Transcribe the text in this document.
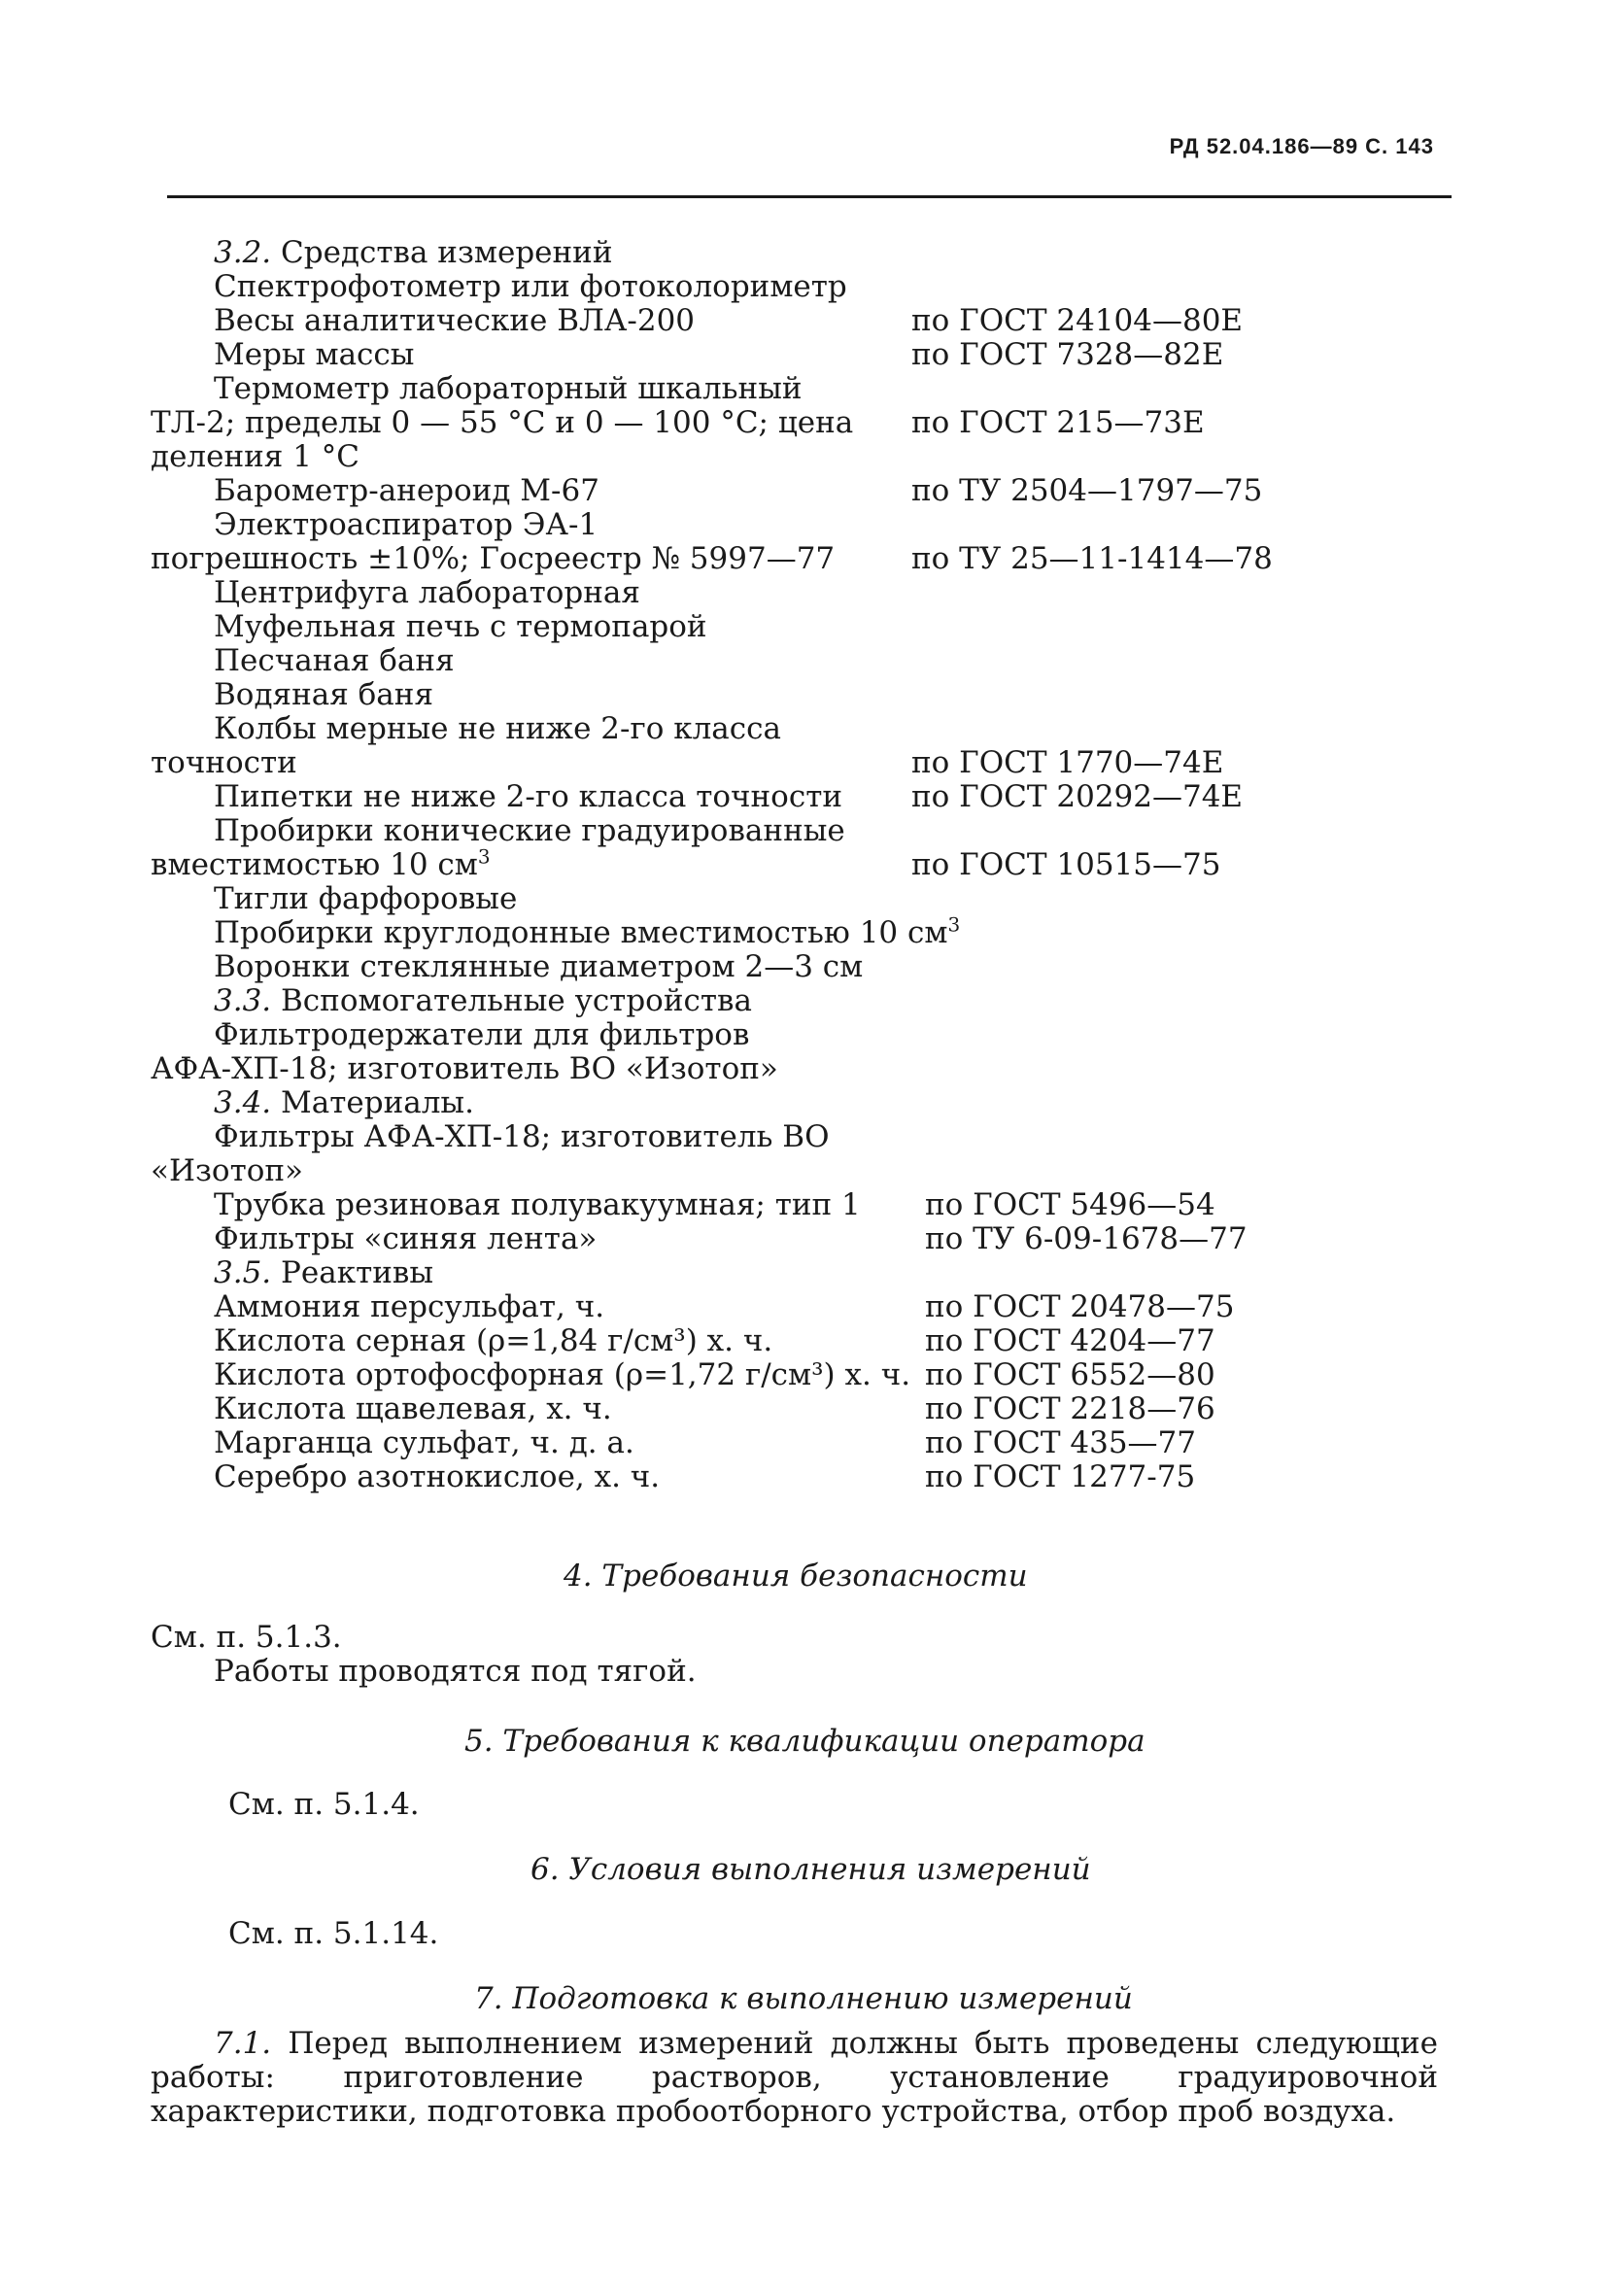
РД 52.04.186—89 С. 143
3.2. Средства измерений
Спектрофотометр или фотоколориметр
Весы аналитические ВЛА-200	по ГОСТ 24104—80Е
Меры массы	по ГОСТ 7328—82Е
Термометр лабораторный шкальный
ТЛ-2; пределы 0 — 55 °С и 0 — 100 °С; цена по ГОСТ 215—73Е
деления 1 °С
Барометр-анероид М-67	по ТУ 2504—1797—75
Электроаспиратор ЭА-1
погрешность ±10%; Госреестр № 5997—77	по ТУ 25—11-1414—78
Центрифуга лабораторная
Муфельная печь с термопарой
Песчаная баня
Водяная баня
Колбы мерные не ниже 2-го класса
точности	по ГОСТ 1770—74Е
Пипетки не ниже 2-го класса точности по ГОСТ 20292—74Е
Пробирки конические градуированные
вместимостью 10 $см^3$	по ГОСТ 10515—75
Тигли фарфоровые
Пробирки круглодонные вместимостью 10 $см^3$
Воронки стеклянные диаметром 2—3 см
3.3. Вспомогательные устройства
Фильтродержатели для фильтров
АФА-ХП-18; изготовитель ВО «Изотоп»
3.4. Материалы.
Фильтры АФА-ХП-18; изготовитель ВО
«Изотоп»
Трубка резиновая полувакуумная; тип 1 по ГОСТ 5496—54
Фильтры «синяя лента»	по ТУ 6-09-1678—77
3.5. Реактивы
Аммония персульфат, ч.	по ГОСТ 20478—75
Кислота серная (ρ=1,84 г/см³) х. ч.	по ГОСТ 4204—77
Кислота ортофосфорная (ρ=1,72 г/см³) х. ч. по ГОСТ 6552—80
Кислота щавелевая, х. ч.	по ГОСТ 2218—76
Марганца сульфат, ч. д. а.	по ГОСТ 435—77
Серебро азотнокислое, х. ч.	по ГОСТ 1277-75
4. Требования безопасности
См. п. 5.1.3.
Работы проводятся под тягой.
5. Требования к квалификации оператора
См. п. 5.1.4.
6. Условия выполнения измерений
См. п. 5.1.14.
7. Подготовка к выполнению измерений
7.1. Перед выполнением измерений должны быть проведены следующие работы: приготовление растворов, установление градуировочной характеристики, подготовка пробоотборного устройства, отбор проб воздуха.
